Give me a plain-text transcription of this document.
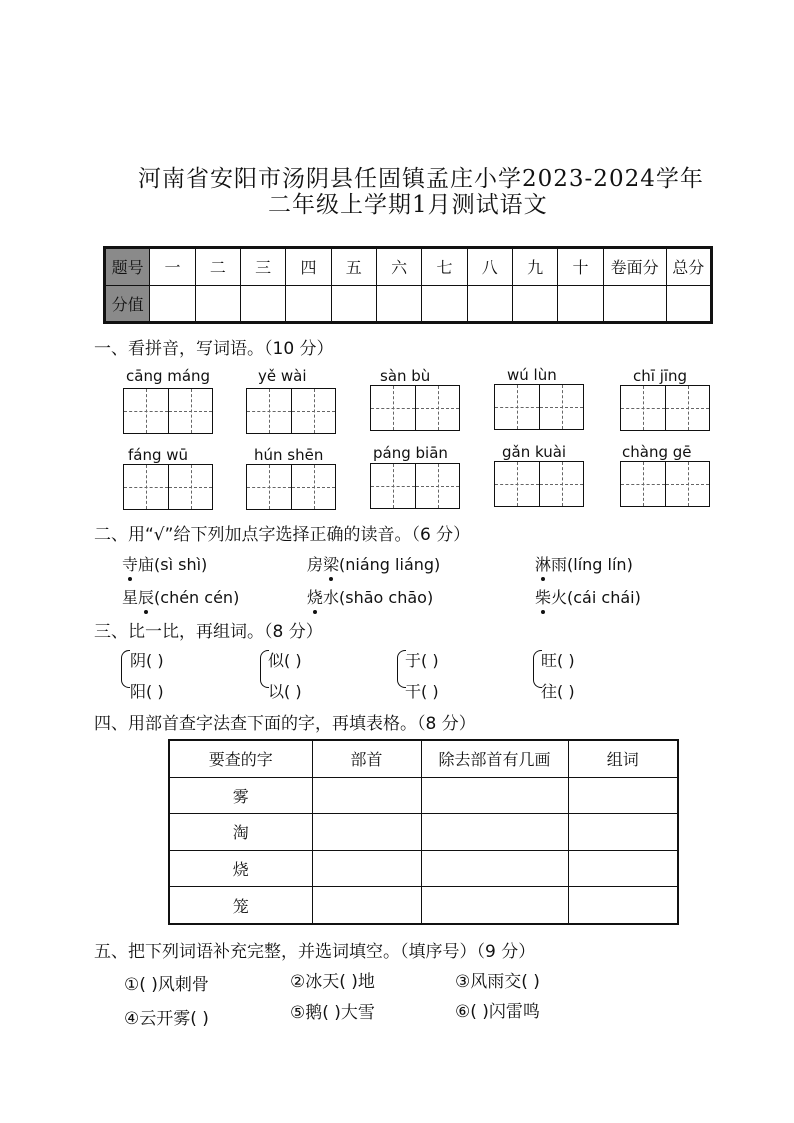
河南省安阳市汤阴县任固镇孟庄小学2023-2024学年
二年级上学期1月测试语文
题号	一	二	三	四	五	六	七	八	九	十	卷面分	总分
分值												
一、看拼音，写词语。（10 分）
cāng máng	yě wài	sàn bù	wú lùn	chī jīng
fáng wū	hún shēn	páng biān	gǎn kuài	chàng gē
二、用“√”给下列加点字选择正确的读音。（6 分）
寺庙(sì shì)	房梁(niáng liáng)	淋雨(líng lín)
星辰(chén cén)	烧水(shāo chāo)	柴火(cái chái)
三、比一比，再组词。（8 分）
阴( )
阳( )
似( )
以( )
于( )
干( )
旺( )
往( )
四、用部首查字法查下面的字，再填表格。（8 分）
要查的字	部首	除去部首有几画	组词
雾			
淘			
烧			
笼			
五、把下列词语补充完整，并选词填空。（填序号）（9 分）
①( )风刺骨	②冰天( )地	③风雨交( )
④云开雾( )	⑤鹅( )大雪	⑥( )闪雷鸣
